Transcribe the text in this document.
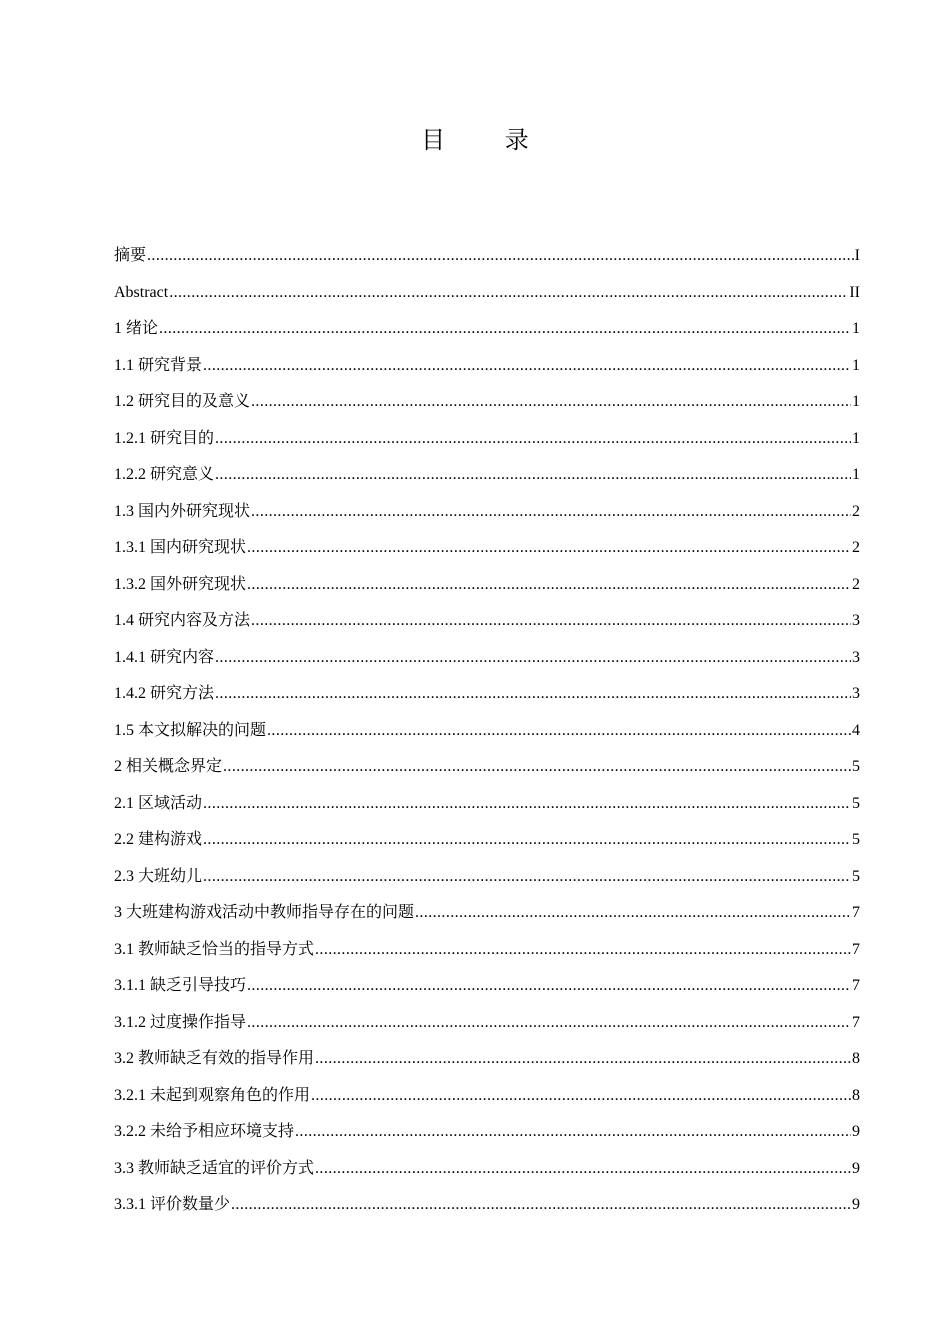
目 录
摘要 .....	I
Abstract .....	II
1 绪论 .....	1
1.1 研究背景 .....	1
1.2 研究目的及意义 .....	1
1.2.1 研究目的 .....	1
1.2.2 研究意义 .....	1
1.3 国内外研究现状 .....	2
1.3.1 国内研究现状 .....	2
1.3.2 国外研究现状 .....	2
1.4 研究内容及方法 .....	3
1.4.1 研究内容 .....	3
1.4.2 研究方法 .....	3
1.5 本文拟解决的问题 .....	4
2 相关概念界定 .....	5
2.1 区域活动 .....	5
2.2 建构游戏 .....	5
2.3 大班幼儿 .....	5
3 大班建构游戏活动中教师指导存在的问题 .....	7
3.1 教师缺乏恰当的指导方式 .....	7
3.1.1 缺乏引导技巧 .....	7
3.1.2 过度操作指导 .....	7
3.2 教师缺乏有效的指导作用 .....	8
3.2.1 未起到观察角色的作用 .....	8
3.2.2 未给予相应环境支持 .....	9
3.3 教师缺乏适宜的评价方式 .....	9
3.3.1 评价数量少 .....	9
